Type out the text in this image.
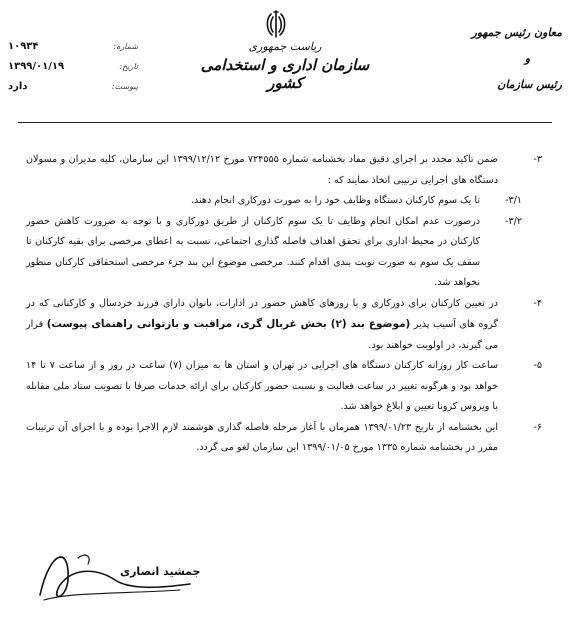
ریاست جمهوری
سازمان اداری و استخدامی کشور
معاون رئیس جمهور
و
رئیس سازمان
۱۰۹۳۴	شماره:
۱۳۹۹/۰۱/۱۹	تاریخ:
دارد	پیوست:
۳-
ضمن تاکید مجدد بر اجرای دقیق مفاد بخشنامه شماره ۷۲۴۵۵۵ مورخ ۱۳۹۹/۱۲/۱۲ این سازمان، کلیه مدیران و مسولان دستگاه های اجرایی ترتیبی اتخاذ نمایند که :
۳/۱-
تا یک سوم کارکنان دستگاه وظایف خود را به صورت دورکاری انجام دهند.
۳/۲-
درصورت عدم امکان انجام وظایف تا یک سوم کارکنان از طریق دورکاری و با توجه به ضرورت کاهش حضور کارکنان در محیط اداری برای تحقق اهداف فاصله گذاری اجتماعی، نسبت به اعطای مرخصی برای بقیه کارکنان تا سقف یک سوم به صورت نوبت بندی اقدام کنند. مرخصی موضوع این بند جزء مرخصی استحقاقی کارکنان منظور نخواهد شد.
۴-
در تعیین کارکنان برای دورکاری و یا روزهای کاهش حضور در ادارات، بانوان دارای فرزند خردسال و کارکنانی که در گروه های آسیب پذیر (موضوع بند (۲) بخش غربال گری، مراقبت و بازتوانی راهنمای پیوست) قرار می گیرند، در اولویت خواهند بود.
۵-
ساعت کار روزانه کارکنان دستگاه های اجرایی در تهران و استان ها به میزان (۷) ساعت در روز و از ساعت ۷ تا ۱۴ خواهد بود و هرگونه تغییر در ساعت فعالیت و نسبت حضور کارکنان برای ارائه خدمات صرفا با تصویب ستاد ملی مقابله با ویروس کرونا تعیین و ابلاغ خواهد شد.
۶-
این بخشنامه از تاریخ ۱۳۹۹/۰۱/۲۳ همزمان با آغاز مرحله فاصله گذاری هوشمند لازم الاجرا بوده و با اجرای آن ترتیبات مقرر در بخشنامه شماره ۱۳۳۵ مورخ ۱۳۹۹/۰۱/۰۵ این سازمان لغو می گردد.
جمشید انصاری
